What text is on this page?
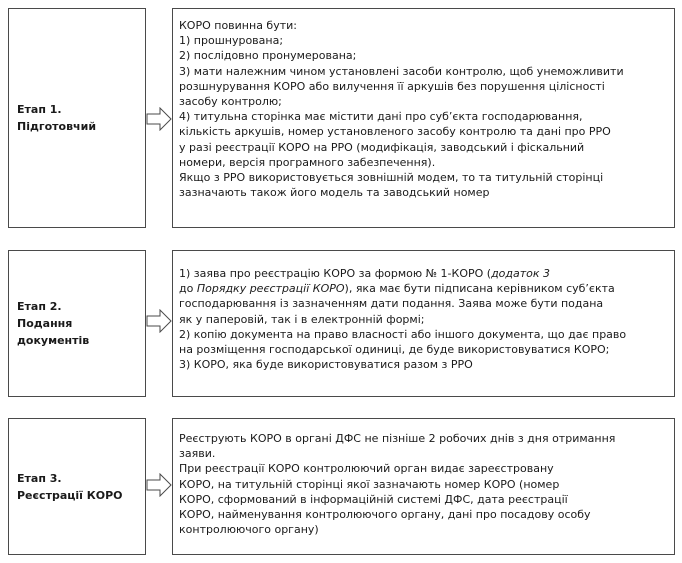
Етап 1.
Підготовчий
КОРО повинна бути:
1) прошнурована;
2) послідовно пронумерована;
3) мати належним чином установлені засоби контролю, щоб унеможливити
розшнурування КОРО або вилучення її аркушів без порушення цілісності
засобу контролю;
4) титульна сторінка має містити дані про суб’єкта господарювання,
кількість аркушів, номер установленого засобу контролю та дані про РРО
у разі реєстрації КОРО на РРО (модифікація, заводський і фіскальний
номери, версія програмного забезпечення).
Якщо з РРО використовується зовнішній модем, то та титульній сторінці
зазначають також його модель та заводський номер
Етап 2.
Подання
документів
1) заява про реєстрацію КОРО за формою № 1-КОРО (додаток 3
до Порядку реєстрації КОРО), яка має бути підписана керівником суб’єкта
господарювання із зазначенням дати подання. Заява може бути подана
як у паперовій, так і в електронній формі;
2) копію документа на право власності або іншого документа, що дає право
на розміщення господарської одиниці, де буде використовуватися КОРО;
3) КОРО, яка буде використовуватися разом з РРО
Етап 3.
Реєстрації КОРО
Реєструють КОРО в органі ДФС не пізніше 2 робочих днів з дня отримання
заяви.
При реєстрації КОРО контролюючий орган видає зареєстровану
КОРО, на титульній сторінці якої зазначають номер КОРО (номер
КОРО, сформований в інформаційній системі ДФС, дата реєстрації
КОРО, найменування контролюючого органу, дані про посадову особу
контролюючого органу)
